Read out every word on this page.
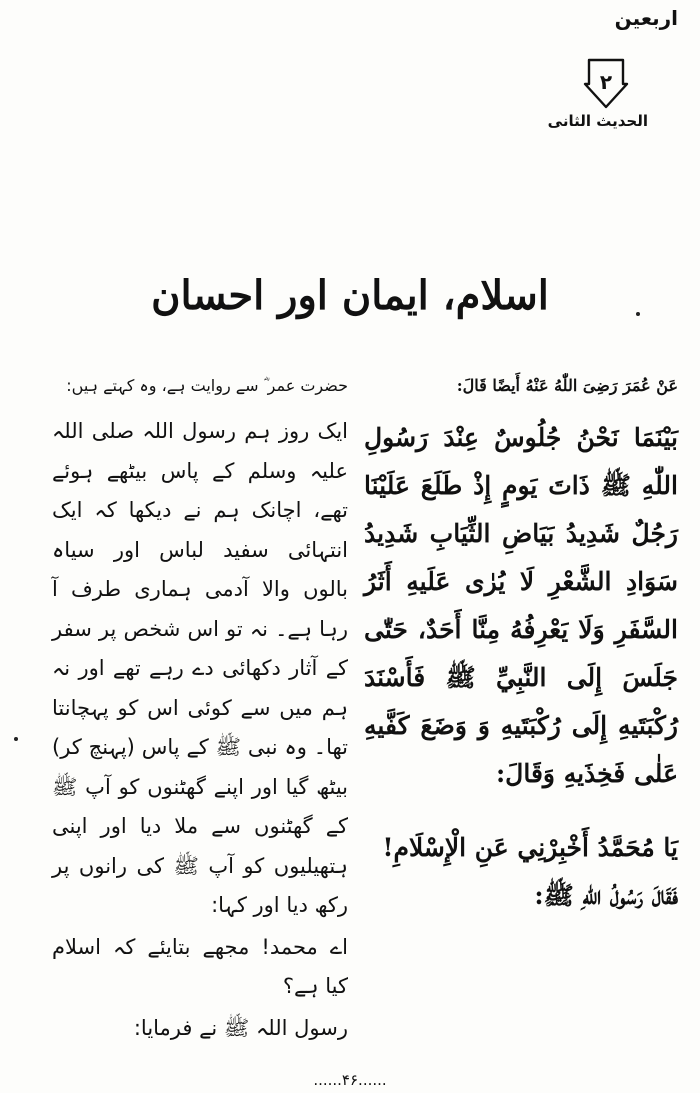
اربعین
۲
الحدیث الثانی
اسلام، ایمان اور احسان

عَنْ عُمَرَ رَضِیَ اللّٰهُ عَنْهُ أَيضًا قَالَ:

بَيْنَمَا نَحْنُ جُلُوسٌ عِنْدَ رَسُولِ اللّٰهِ ﷺ ذَاتَ يَومٍ إِذْ طَلَعَ عَلَيْنَا رَجُلٌ شَدِيدُ بَيَاضِ الثِّيَابِ شَدِيدُ سَوَادِ الشَّعْرِ لَا يُرٰى عَلَيهِ أَثَرُ السَّفَرِ وَلَا يَعْرِفُهُ مِنَّا أَحَدٌ، حَتّٰى جَلَسَ إِلَى النَّبِيِّ ﷺ فَأَسْنَدَ رُكْبَتَيهِ إِلَى رُكْبَتَيهِ وَ وَضَعَ كَفَّيهِ عَلٰى فَخِذَيهِ وَقَالَ:

يَا مُحَمَّدُ أَخْبِرْنِي عَنِ الْإِسْلَامِ!

فَقَالَ رَسُولُ اللّٰهِ ﷺ:

حضرت عمر ؓ سے روایت ہے، وہ کہتے ہیں:

ایک روز ہم رسول اللہ صلی اللہ علیہ وسلم کے پاس بیٹھے ہوئے تھے، اچانک ہم نے دیکھا کہ ایک انتہائی سفید لباس اور سیاہ بالوں والا آدمی ہماری طرف آ رہا ہے۔ نہ تو اس شخص پر سفر کے آثار دکھائی دے رہے تھے اور نہ ہم میں سے کوئی اس کو پہچانتا تھا۔ وہ نبی ﷺ کے پاس (پہنچ کر) بیٹھ گیا اور اپنے گھٹنوں کو آپ ﷺ کے گھٹنوں سے ملا دیا اور اپنی ہتھیلیوں کو آپ ﷺ کی رانوں پر رکھ دیا اور کہا:

اے محمد! مجھے بتایئے کہ اسلام کیا ہے؟

رسول اللہ ﷺ نے فرمایا:

......۴۶......
